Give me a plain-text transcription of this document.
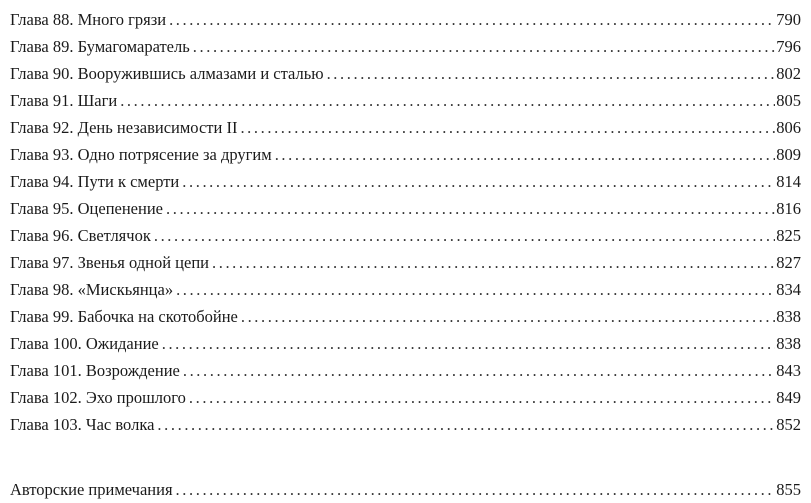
Глава 88. Много грязи .....	790
Глава 89. Бумагомаратель .....	796
Глава 90. Вооружившись алмазами и сталью .....	802
Глава 91. Шаги .....	805
Глава 92. День независимости II .....	806
Глава 93. Одно потрясение за другим .....	809
Глава 94. Пути к смерти .....	814
Глава 95. Оцепенение .....	816
Глава 96. Светлячок .....	825
Глава 97. Звенья одной цепи .....	827
Глава 98. «Мискьянца» .....	834
Глава 99. Бабочка на скотобойне .....	838
Глава 100. Ожидание .....	838
Глава 101. Возрождение .....	843
Глава 102. Эхо прошлого .....	849
Глава 103. Час волка .....	852
Авторские примечания .....	855
